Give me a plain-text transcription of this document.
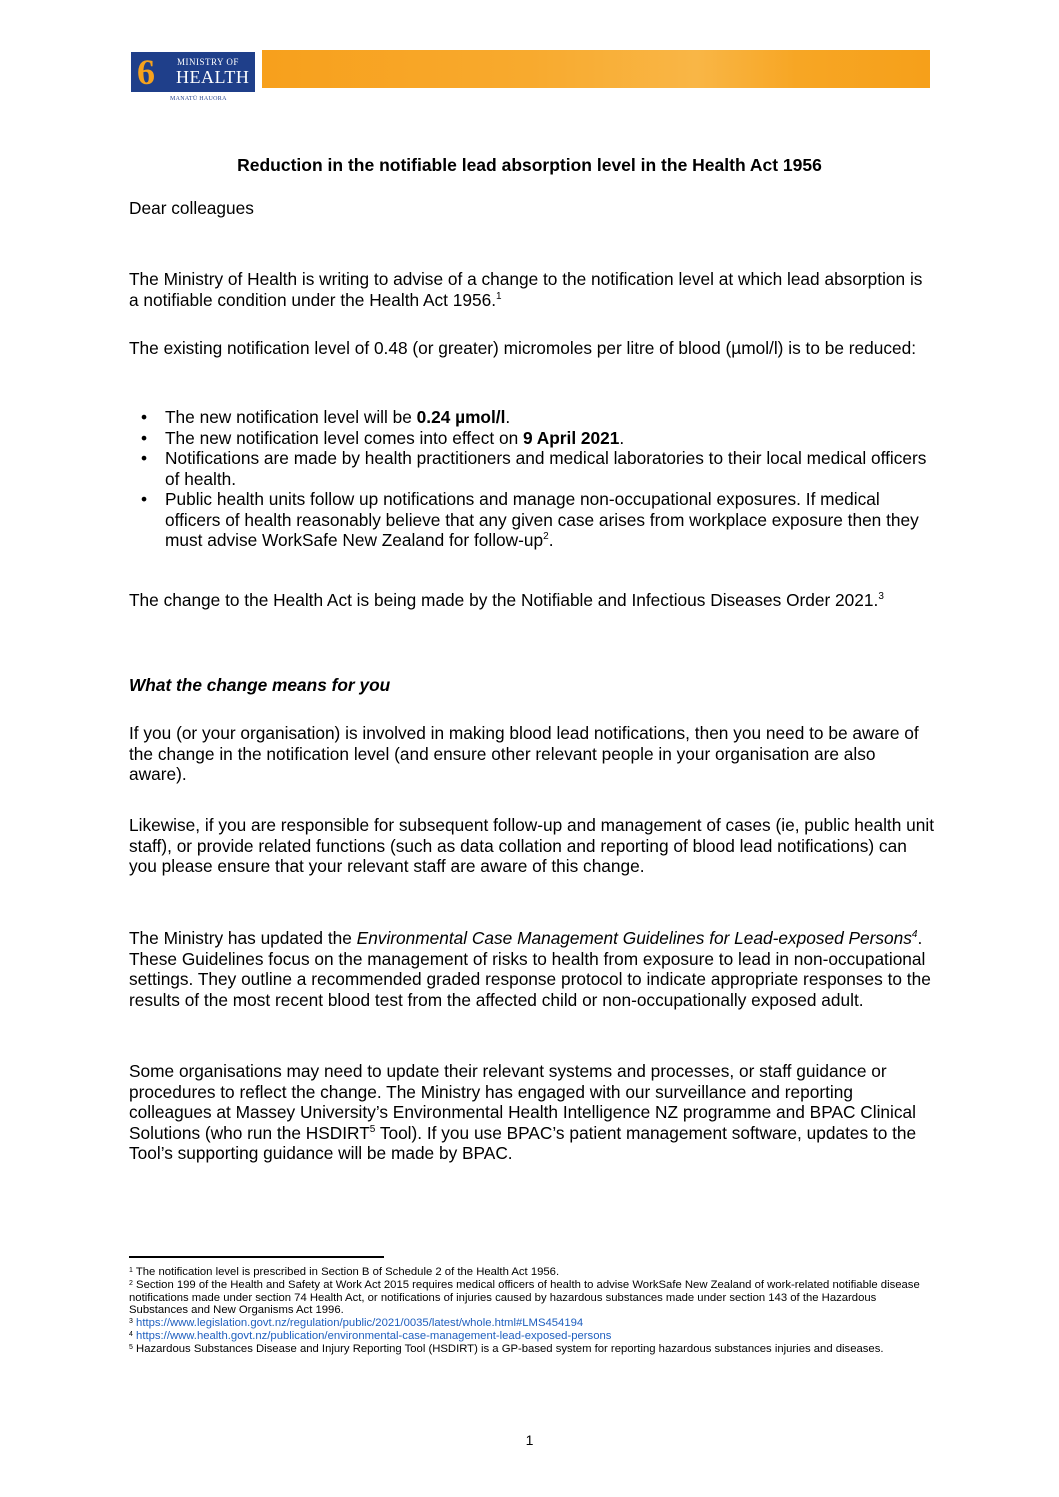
6 MINISTRY OF
HEALTH
MANATŪ HAUORA
Reduction in the notifiable lead absorption level in the Health Act 1956
Dear colleagues
The Ministry of Health is writing to advise of a change to the notification level at which lead absorption is a notifiable condition under the Health Act 1956.$^1$
The existing notification level of 0.48 (or greater) micromoles per litre of blood (µmol/l) is to be reduced:
• The new notification level will be 0.24 µmol/l.
• The new notification level comes into effect on 9 April 2021.
• Notifications are made by health practitioners and medical laboratories to their local medical officers of health.
• Public health units follow up notifications and manage non-occupational exposures. If medical officers of health reasonably believe that any given case arises from workplace exposure then they must advise WorkSafe New Zealand for follow-$up^2$.
The change to the Health Act is being made by the Notifiable and Infectious Diseases Order 2021.$^3$
What the change means for you
If you (or your organisation) is involved in making blood lead notifications, then you need to be aware of the change in the notification level (and ensure other relevant people in your organisation are also aware).
Likewise, if you are responsible for subsequent follow-up and management of cases (ie, public health unit staff), or provide related functions (such as data collation and reporting of blood lead notifications) can you please ensure that your relevant staff are aware of this change.
The Ministry has updated the Environmental Case Management Guidelines for Lead-exposed Persons$^4$. These Guidelines focus on the management of risks to health from exposure to lead in non-occupational settings. They outline a recommended graded response protocol to indicate appropriate responses to the results of the most recent blood test from the affected child or non-occupationally exposed adult.
Some organisations may need to update their relevant systems and processes, or staff guidance or procedures to reflect the change. The Ministry has engaged with our surveillance and reporting colleagues at Massey University’s Environmental Health Intelligence NZ programme and BPAC Clinical Solutions (who run the HSDIRT$^5$ Tool). If you use BPAC’s patient management software, updates to the Tool’s supporting guidance will be made by BPAC.
$^1$ The notification level is prescribed in Section B of Schedule 2 of the Health Act 1956.
$^2$ Section 199 of the Health and Safety at Work Act 2015 requires medical officers of health to advise WorkSafe New Zealand of work-related notifiable disease notifications made under section 74 Health Act, or notifications of injuries caused by hazardous substances made under section 143 of the Hazardous Substances and New Organisms Act 1996.
$^3$ https://www.legislation.govt.nz/regulation/public/2021/0035/latest/whole.html#LMS454194
$^4$ https://www.health.govt.nz/publication/environmental-case-management-lead-exposed-persons
$^5$ Hazardous Substances Disease and Injury Reporting Tool (HSDIRT) is a GP-based system for reporting hazardous substances injuries and diseases.
1
